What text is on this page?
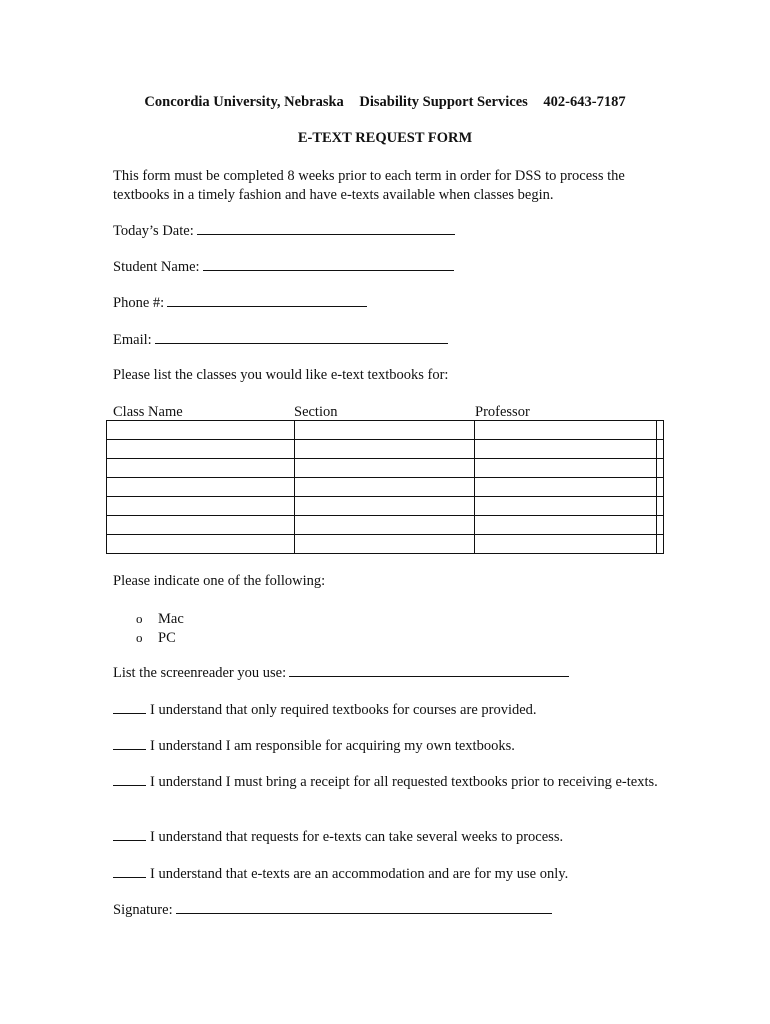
Concordia University, Nebraska Disability Support Services 402-643-7187
E-TEXT REQUEST FORM
This form must be completed 8 weeks prior to each term in order for DSS to process the textbooks in a timely fashion and have e-texts available when classes begin.
Today’s Date:
Student Name:
Phone #:
Email:
Please list the classes you would like e-text textbooks for:
Class Name	Section	Professor

Please indicate one of the following:
o Mac
o PC
List the screenreader you use:
I understand that only required textbooks for courses are provided.
I understand I am responsible for acquiring my own textbooks.
I understand I must bring a receipt for all requested textbooks prior to receiving e-texts.
I understand that requests for e-texts can take several weeks to process.
I understand that e-texts are an accommodation and are for my use only.
Signature:
